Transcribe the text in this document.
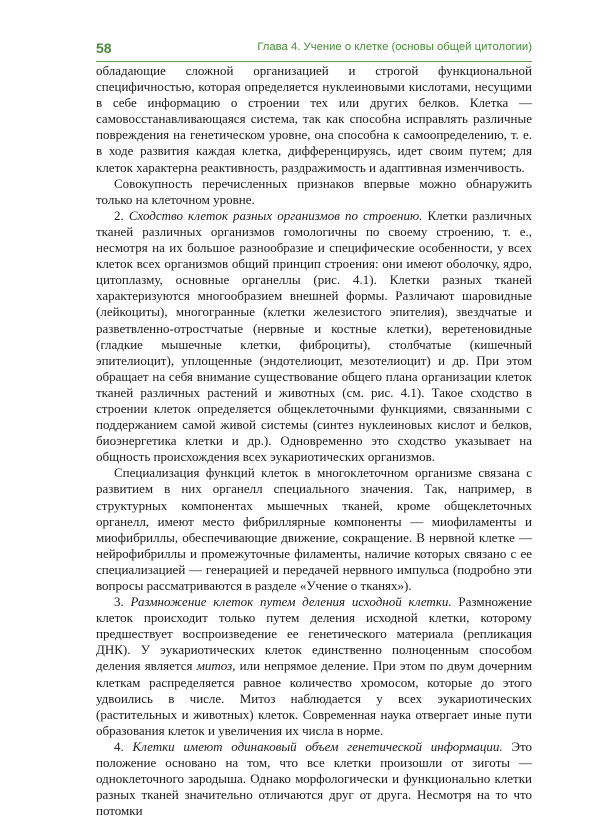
58	Глава 4. Учение о клетке (основы общей цитологии)

обладающие сложной организацией и строгой функциональной специфичностью, которая определяется нуклеиновыми кислотами, несущими в себе информацию о строении тех или других белков. Клетка — самовосстанавливающаяся система, так как способна исправлять различные повреждения на генетическом уровне, она способна к самоопределению, т. е. в ходе развития каждая клетка, дифференцируясь, идет своим путем; для клеток характерна реактивность, раздражимость и адаптивная изменчивость.

Совокупность перечисленных признаков впервые можно обнаружить только на клеточном уровне.

2. Сходство клеток разных организмов по строению. Клетки различных тканей различных организмов гомологичны по своему строению, т. е., несмотря на их большое разнообразие и специфические особенности, у всех клеток всех организмов общий принцип строения: они имеют оболочку, ядро, цитоплазму, основные органеллы (рис. 4.1). Клетки разных тканей характеризуются многообразием внешней формы. Различают шаровидные (лейкоциты), многогранные (клетки железистого эпителия), звездчатые и разветвленно-отростчатые (нервные и костные клетки), веретеновидные (гладкие мышечные клетки, фиброциты), столбчатые (кишечный эпителиоцит), уплощенные (эндотелиоцит, мезотелиоцит) и др. При этом обращает на себя внимание существование общего плана организации клеток тканей различных растений и животных (см. рис. 4.1). Такое сходство в строении клеток определяется общеклеточными функциями, связанными с поддержанием самой живой системы (синтез нуклеиновых кислот и белков, биоэнергетика клетки и др.). Одновременно это сходство указывает на общность происхождения всех эукариотических организмов.

Специализация функций клеток в многоклеточном организме связана с развитием в них органелл специального значения. Так, например, в структурных компонентах мышечных тканей, кроме общеклеточных органелл, имеют место фибриллярные компоненты — миофиламенты и миофибриллы, обеспечивающие движение, сокращение. В нервной клетке — нейрофибриллы и промежуточные филаменты, наличие которых связано с ее специализацией — генерацией и передачей нервного импульса (подробно эти вопросы рассматриваются в разделе «Учение о тканях»).

3. Размножение клеток путем деления исходной клетки. Размножение клеток происходит только путем деления исходной клетки, которому предшествует воспроизведение ее генетического материала (репликация ДНК). У эукариотических клеток единственно полноценным способом деления является митоз, или непрямое деление. При этом по двум дочерним клеткам распределяется равное количество хромосом, которые до этого удвоились в числе. Митоз наблюдается у всех эукариотических (растительных и животных) клеток. Современная наука отвергает иные пути образования клеток и увеличения их числа в норме.

4. Клетки имеют одинаковый объем генетической информации. Это положение основано на том, что все клетки произошли от зиготы — одноклеточного зародыша. Однако морфологически и функционально клетки разных тканей значительно отличаются друг от друга. Несмотря на то что потомки
